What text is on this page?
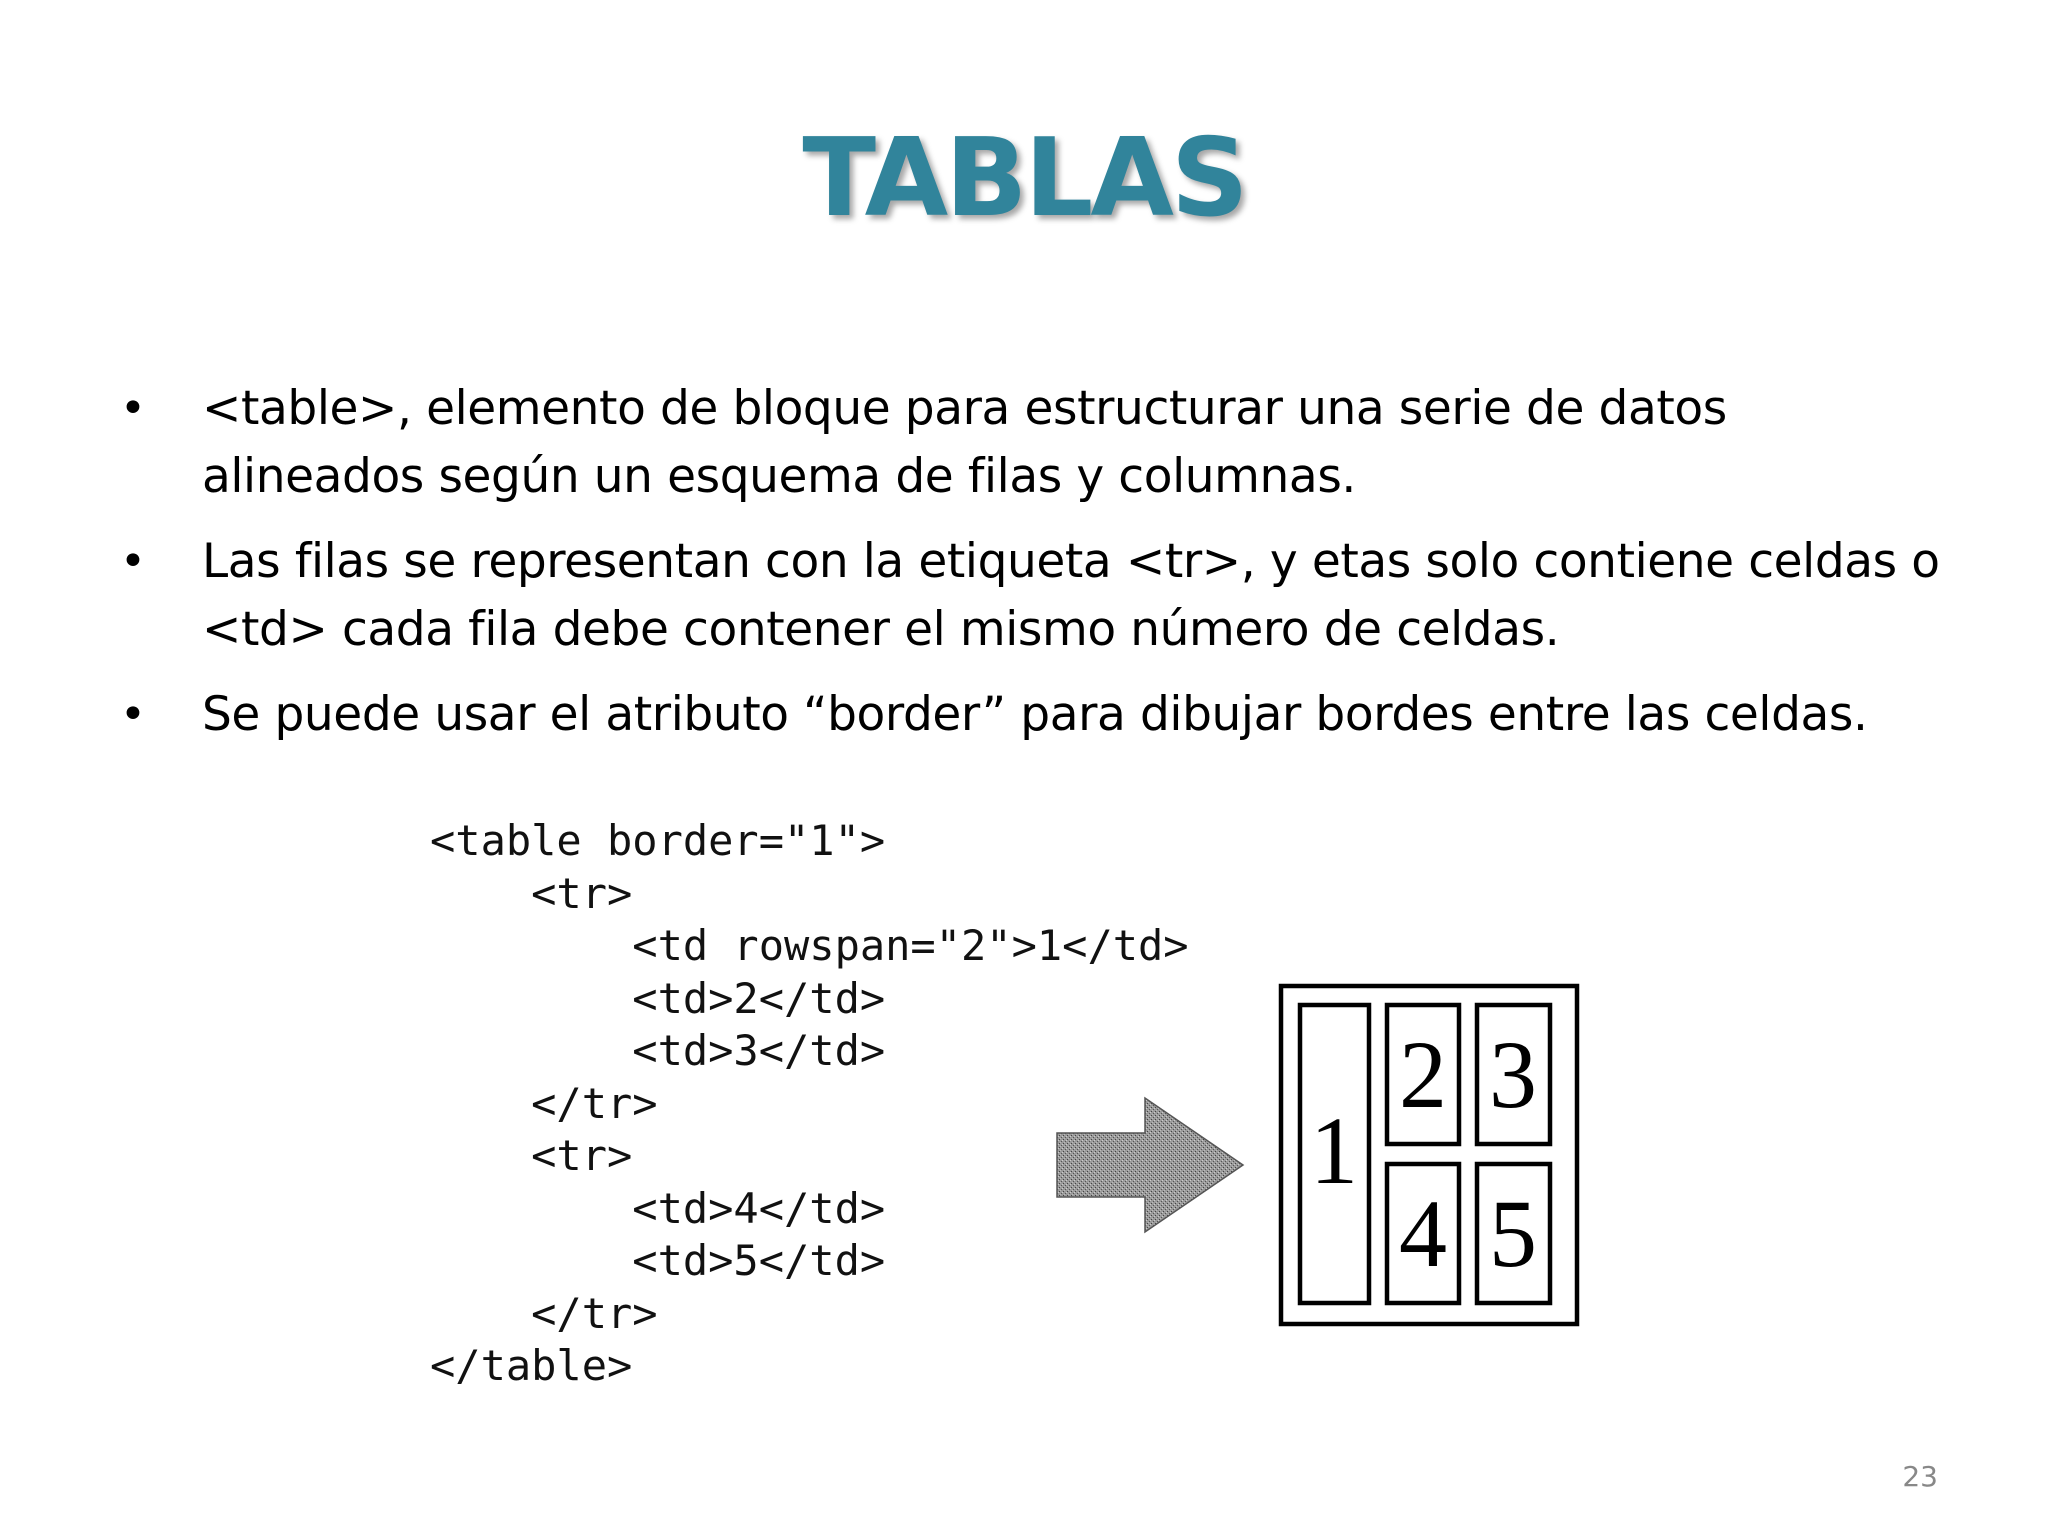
TABLAS
• <table>, elemento de bloque para estructurar una serie de datos alineados según un esquema de filas y columnas.
• Las filas se representan con la etiqueta <tr>, y etas solo contiene celdas o <td> cada fila debe contener el mismo número de celdas.
• Se puede usar el atributo “border” para dibujar bordes entre las celdas.
<table border="1">
<tr>
<td rowspan="2">1</td>
<td>2</td>
<td>3</td>
</tr>
<tr>
<td>4</td>
<td>5</td>
</tr>
</table>
1
2 3
4 5
23
